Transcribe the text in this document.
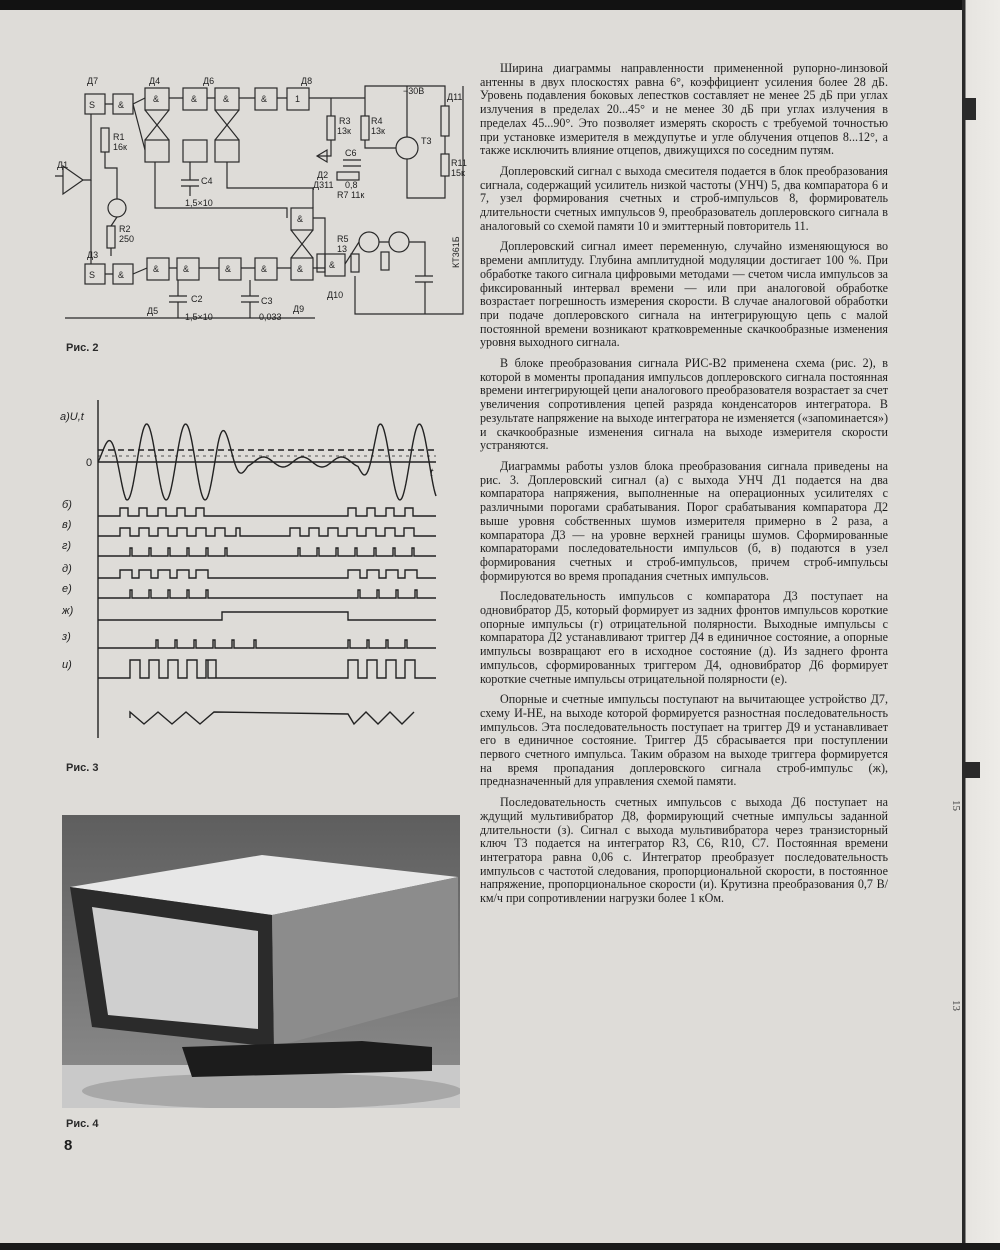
15
13
Д7	Д4	Д6	Д8
−30В
Д11
Д1
R1
16к
R2
250
R3
13к
R4
13к
T3
C6
0,8
R7 11к
Д2
Д311
R11
15к
C4
1,5×10
R5
13	КТ361Б
Д3
Д5
C2
1,5×10
C3
0,033
Д9
Д10
&
&	&	&	&	1
S
S	&
&	&	&	&
&
&	&
Рис. 2
а)U,t
б)
в)
г)
д)
е)
ж)
з)
и)
0
t
Рис. 3
Рис. 4
8

Ширина диаграммы направленности примененной рупорно-линзовой антенны в двух плоскостях равна 6°, коэффициент усиления более 28 дБ. Уровень подавления боковых лепестков составляет не менее 25 дБ при углах излучения в пределах 20...45° и не менее 30 дБ при углах излучения в пределах 45...90°. Это позволяет измерять скорость с требуемой точностью при установке измерителя в междупутье и угле облучения отцепов 8...12°, а также исключить влияние отцепов, движущихся по соседним путям.

Доплеровский сигнал с выхода смесителя подается в блок преобразования сигнала, содержащий усилитель низкой частоты (УНЧ) 5, два компаратора 6 и 7, узел формирования счетных и строб-импульсов 8, формирователь длительности счетных импульсов 9, преобразователь доплеровского сигнала в аналоговый со схемой памяти 10 и эмиттерный повторитель 11.

Доплеровский сигнал имеет переменную, случайно изменяющуюся во времени амплитуду. Глубина амплитудной модуляции достигает 100 %. При обработке такого сигнала цифровыми методами — счетом числа импульсов за фиксированный интервал времени — или при аналоговой обработке возрастает погрешность измерения скорости. В случае аналоговой обработки при подаче доплеровского сигнала на интегрирующую цепь с малой постоянной времени возникают кратковременные скачкообразные изменения уровня выходного сигнала.

В блоке преобразования сигнала РИС-В2 применена схема (рис. 2), в которой в моменты пропадания импульсов доплеровского сигнала постоянная времени интегрирующей цепи аналогового преобразователя возрастает за счет увеличения сопротивления цепей разряда конденсаторов интегратора. В результате напряжение на выходе интегратора не изменяется («запоминается») и скачкообразные изменения сигнала на выходе измерителя скорости устраняются.

Диаграммы работы узлов блока преобразования сигнала приведены на рис. 3. Доплеровский сигнал (а) с выхода УНЧ Д1 подается на два компаратора напряжения, выполненные на операционных усилителях с различными порогами срабатывания. Порог срабатывания компаратора Д2 выше уровня собственных шумов измерителя примерно в 2 раза, а компаратора Д3 — на уровне верхней границы шумов. Сформированные компараторами последовательности импульсов (б, в) подаются в узел формирования счетных и строб-импульсов, причем строб-импульсы формируются во время пропадания счетных импульсов.

Последовательность импульсов с компаратора Д3 поступает на одновибратор Д5, который формирует из задних фронтов импульсов короткие опорные импульсы (г) отрицательной полярности. Выходные импульсы с компаратора Д2 устанавливают триггер Д4 в единичное состояние, а опорные импульсы возвращают его в исходное состояние (д). Из заднего фронта импульсов, сформированных триггером Д4, одновибратор Д6 формирует короткие счетные импульсы отрицательной полярности (е).

Опорные и счетные импульсы поступают на вычитающее устройство Д7, схему И-НЕ, на выходе которой формируется разностная последовательность импульсов. Эта последовательность поступает на триггер Д9 и устанавливает его в единичное состояние. Триггер Д5 сбрасывается при поступлении первого счетного импульса. Таким образом на выходе триггера формируется на время пропадания доплеровского сигнала строб-импульс (ж), предназначенный для управления схемой памяти.

Последовательность счетных импульсов с выхода Д6 поступает на ждущий мультивибратор Д8, формирующий счетные импульсы заданной длительности (з). Сигнал с выхода мультивибратора через транзисторный ключ Т3 подается на интегратор R3, C6, R10, C7. Постоянная времени интегратора равна 0,06 с. Интегратор преобразует последовательность импульсов с частотой следования, пропорциональной скорости, в постоянное напряжение, пропорциональное скорости (и). Крутизна преобразования 0,7 В/км/ч при сопротивлении нагрузки более 1 кОм.
